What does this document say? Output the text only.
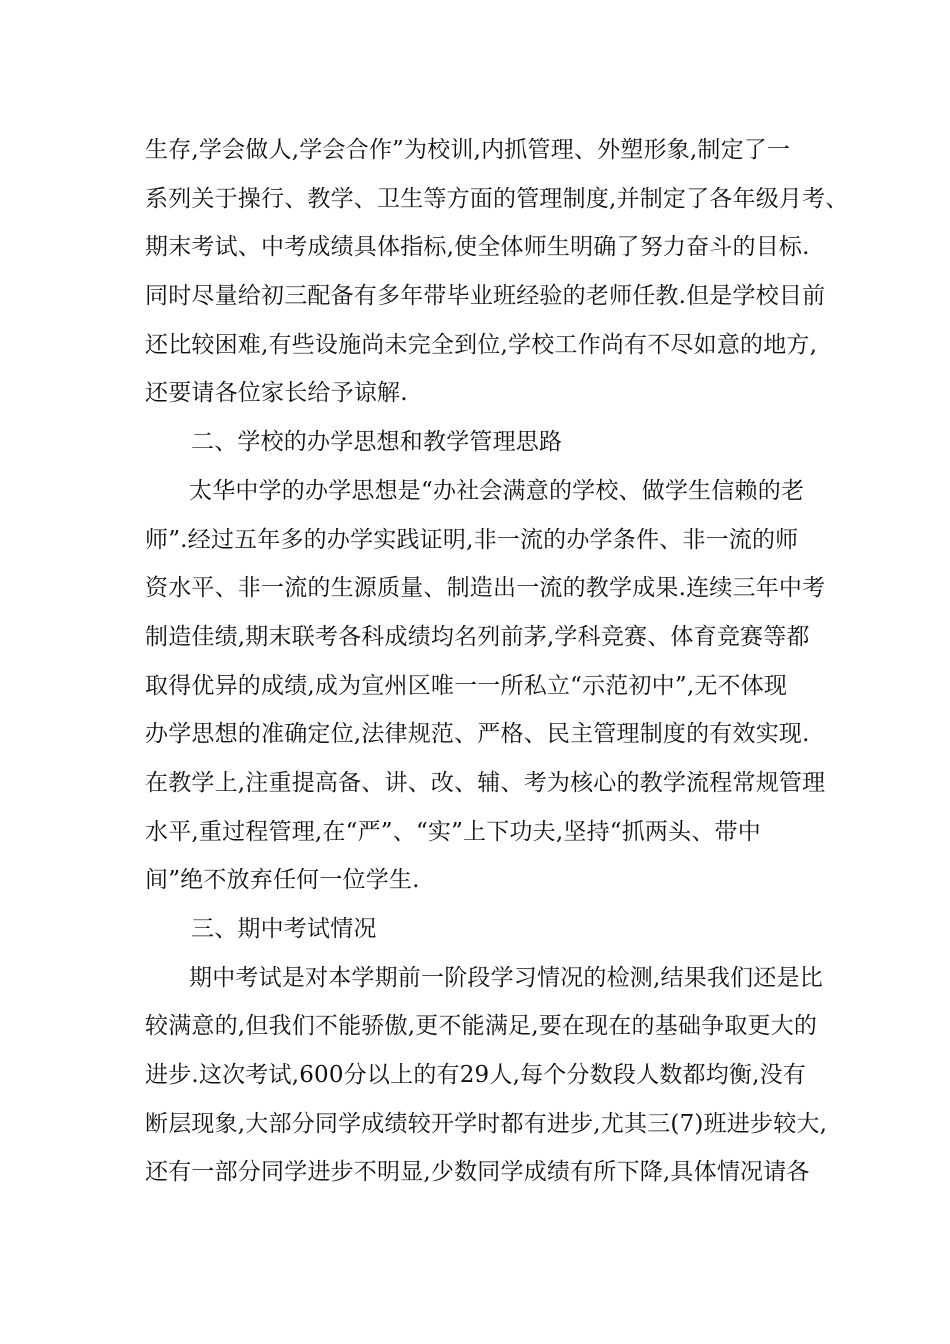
生存,学会做人,学会合作”为校训,内抓管理、外塑形象,制定了一
系列关于操行、教学、卫生等方面的管理制度,并制定了各年级月考、
期末考试、中考成绩具体指标,使全体师生明确了努力奋斗的目标.
同时尽量给初三配备有多年带毕业班经验的老师任教.但是学校目前
还比较困难,有些设施尚未完全到位,学校工作尚有不尽如意的地方,
还要请各位家长给予谅解.
二、学校的办学思想和教学管理思路
太华中学的办学思想是“办社会满意的学校、做学生信赖的老
师”.经过五年多的办学实践证明,非一流的办学条件、非一流的师
资水平、非一流的生源质量、制造出一流的教学成果.连续三年中考
制造佳绩,期末联考各科成绩均名列前茅,学科竞赛、体育竞赛等都
取得优异的成绩,成为宣州区唯一一所私立“示范初中”,无不体现
办学思想的准确定位,法律规范、严格、民主管理制度的有效实现.
在教学上,注重提高备、讲、改、辅、考为核心的教学流程常规管理
水平,重过程管理,在“严”、“实”上下功夫,坚持“抓两头、带中
间”绝不放弃任何一位学生.
三、期中考试情况
期中考试是对本学期前一阶段学习情况的检测,结果我们还是比
较满意的,但我们不能骄傲,更不能满足,要在现在的基础争取更大的
进步.这次考试,600分以上的有29人,每个分数段人数都均衡,没有
断层现象,大部分同学成绩较开学时都有进步,尤其三(7)班进步较大,
还有一部分同学进步不明显,少数同学成绩有所下降,具体情况请各
